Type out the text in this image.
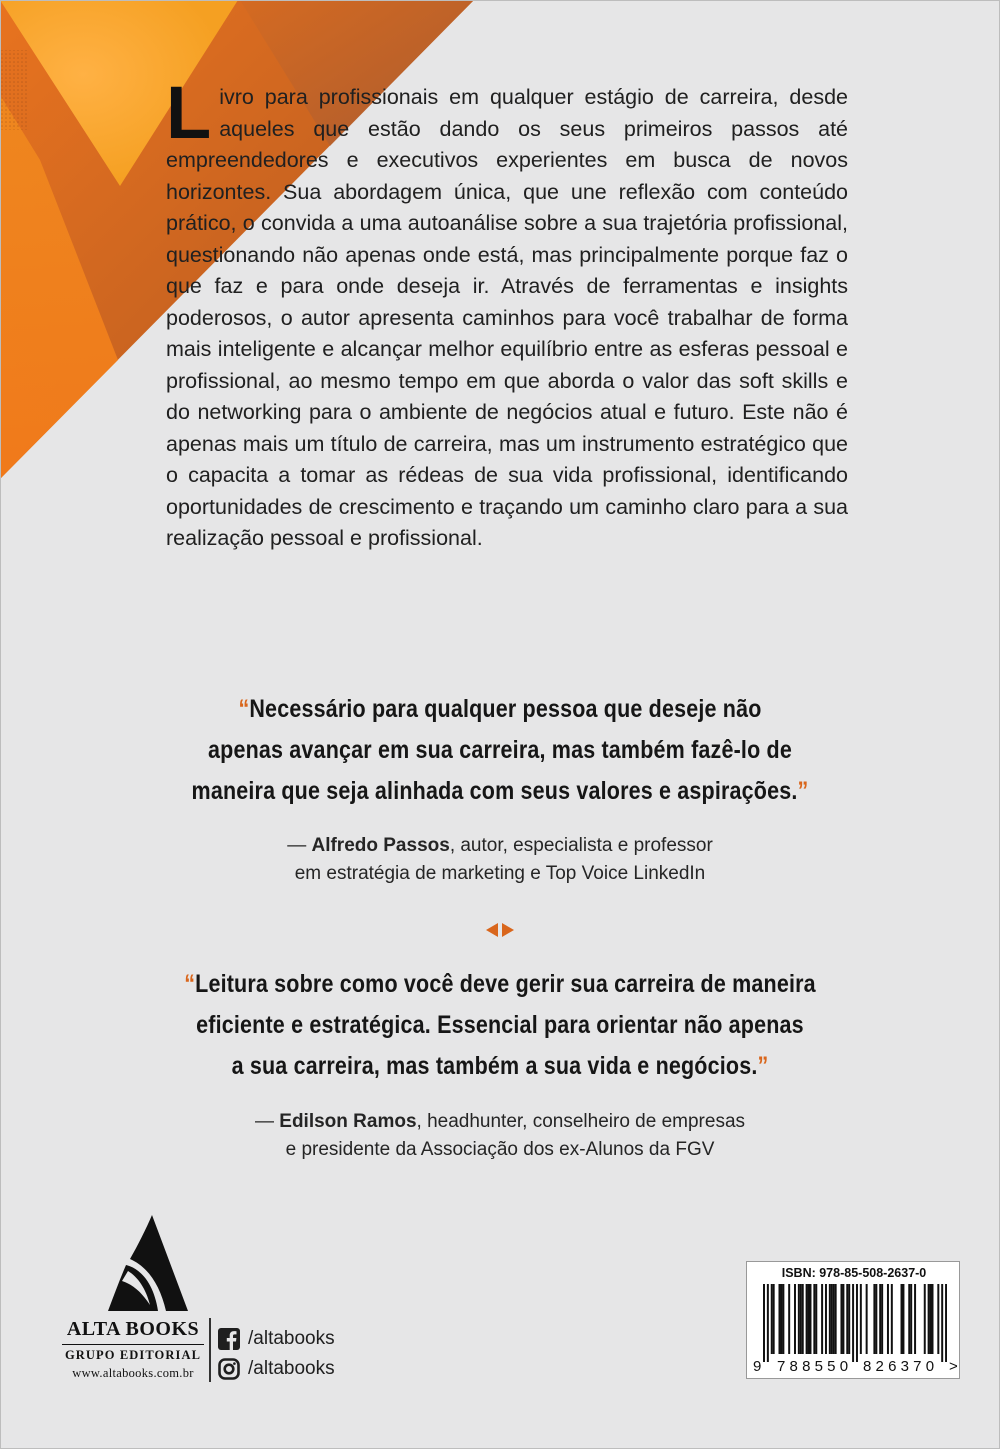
Livro para profissionais em qualquer estágio de carreira, desde aqueles que estão dando os seus primeiros passos até empreendedores e executivos experientes em busca de novos horizontes. Sua abordagem única, que une reflexão com conteúdo prático, o convida a uma autoanálise sobre a sua trajetória profissional, questionando não apenas onde está, mas principalmente porque faz o que faz e para onde deseja ir. Através de ferramentas e insights poderosos, o autor apresenta caminhos para você trabalhar de forma mais inteligente e alcançar melhor equilíbrio entre as esferas pessoal e profissional, ao mesmo tempo em que aborda o valor das soft skills e do networking para o ambiente de negócios atual e futuro. Este não é apenas mais um título de carreira, mas um instrumento estratégico que o capacita a tomar as rédeas de sua vida profissional, identificando oportunidades de crescimento e traçando um caminho claro para a sua realização pessoal e profissional.
“Necessário para qualquer pessoa que deseje não
apenas avançar em sua carreira, mas também fazê-lo de
maneira que seja alinhada com seus valores e aspirações.”
— Alfredo Passos, autor, especialista e professor
em estratégia de marketing e Top Voice LinkedIn
“Leitura sobre como você deve gerir sua carreira de maneira
eficiente e estratégica. Essencial para orientar não apenas
a sua carreira, mas também a sua vida e negócios.”
— Edilson Ramos, headhunter, conselheiro de empresas
e presidente da Associação dos ex-Alunos da FGV
ALTA BOOKS
GRUPO EDITORIAL
www.altabooks.com.br
/altabooks
/altabooks
ISBN: 978-85-508-2637-0
9 788550 826370 >
